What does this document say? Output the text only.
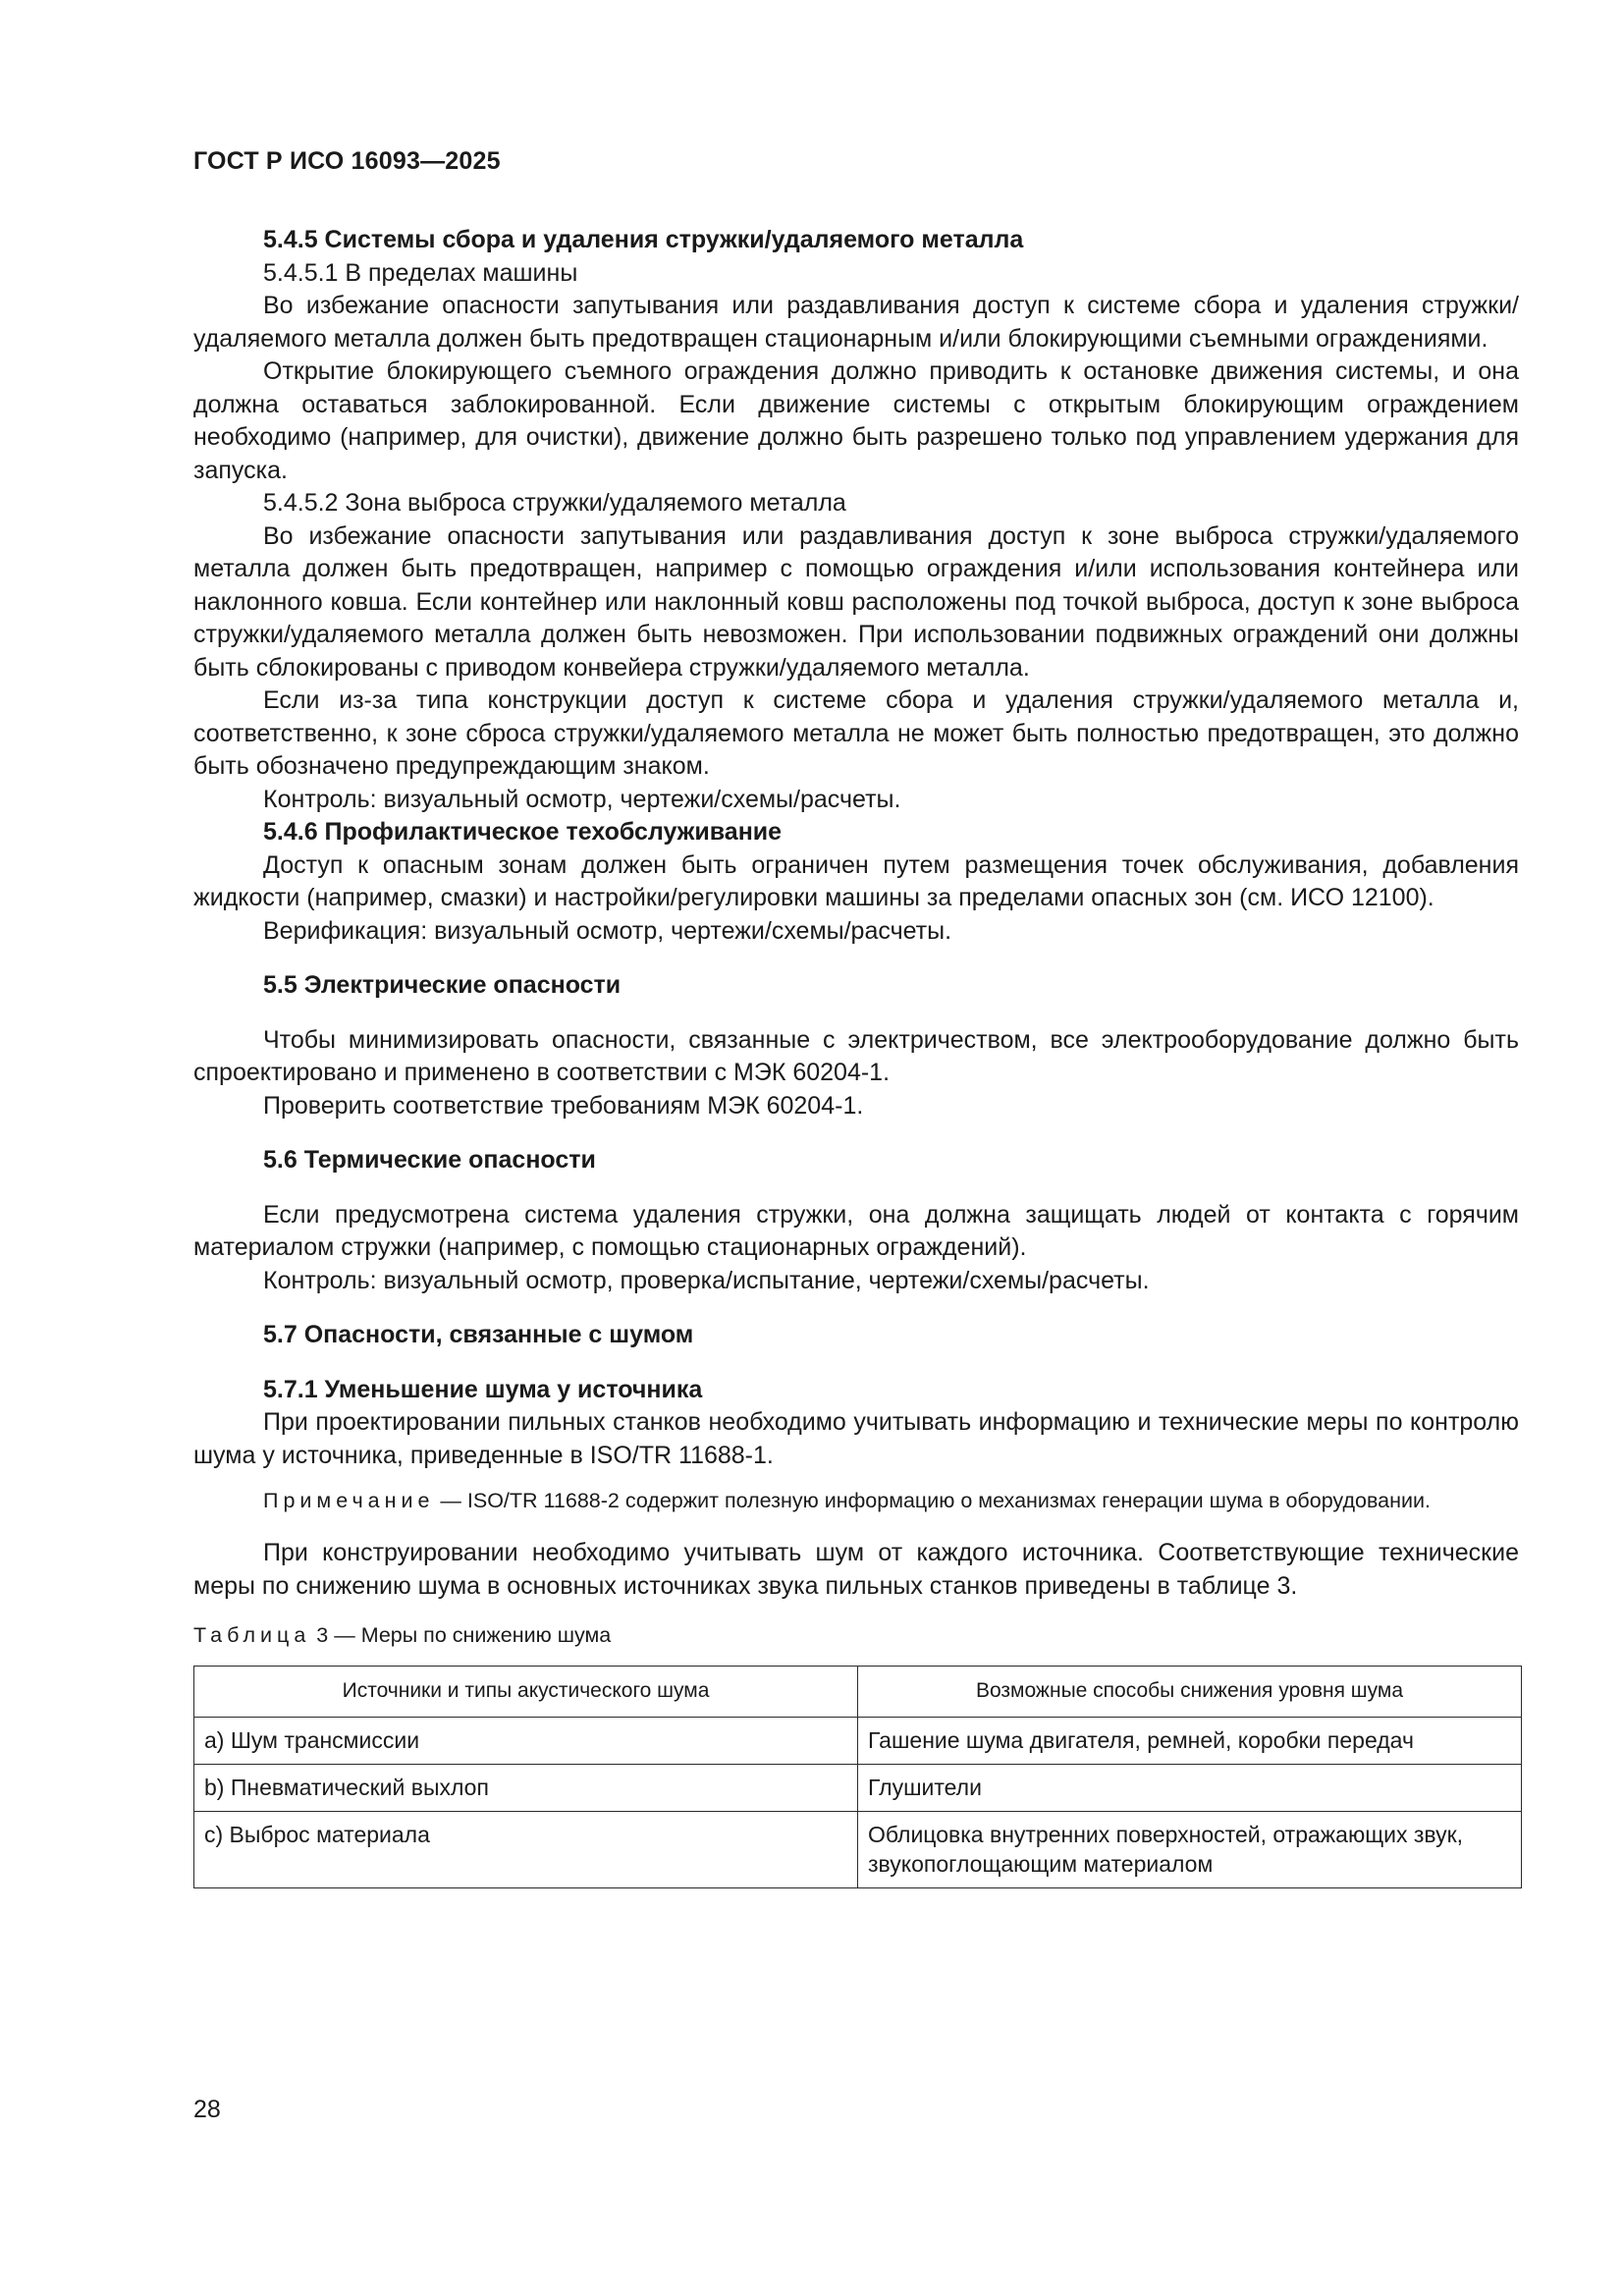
ГОСТ Р ИСО 16093—2025

5.4.5 Системы сбора и удаления стружки/удаляемого металла

5.4.5.1 В пределах машины

Во избежание опасности запутывания или раздавливания доступ к системе сбора и удаления стружки/удаляемого металла должен быть предотвращен стационарным и/или блокирующими съемными ограждениями.

Открытие блокирующего съемного ограждения должно приводить к остановке движения системы, и она должна оставаться заблокированной. Если движение системы с открытым блокирующим ограждением необходимо (например, для очистки), движение должно быть разрешено только под управлением удержания для запуска.

5.4.5.2 Зона выброса стружки/удаляемого металла

Во избежание опасности запутывания или раздавливания доступ к зоне выброса стружки/удаляемого металла должен быть предотвращен, например с помощью ограждения и/или использования контейнера или наклонного ковша. Если контейнер или наклонный ковш расположены под точкой выброса, доступ к зоне выброса стружки/удаляемого металла должен быть невозможен. При использовании подвижных ограждений они должны быть сблокированы с приводом конвейера стружки/удаляемого металла.

Если из-за типа конструкции доступ к системе сбора и удаления стружки/удаляемого металла и, соответственно, к зоне сброса стружки/удаляемого металла не может быть полностью предотвращен, это должно быть обозначено предупреждающим знаком.

Контроль: визуальный осмотр, чертежи/схемы/расчеты.

5.4.6 Профилактическое техобслуживание

Доступ к опасным зонам должен быть ограничен путем размещения точек обслуживания, добавления жидкости (например, смазки) и настройки/регулировки машины за пределами опасных зон (см. ИСО 12100).

Верификация: визуальный осмотр, чертежи/схемы/расчеты.

5.5 Электрические опасности

Чтобы минимизировать опасности, связанные с электричеством, все электрооборудование должно быть спроектировано и применено в соответствии с МЭК 60204-1.

Проверить соответствие требованиям МЭК 60204-1.

5.6 Термические опасности

Если предусмотрена система удаления стружки, она должна защищать людей от контакта с горячим материалом стружки (например, с помощью стационарных ограждений).

Контроль: визуальный осмотр, проверка/испытание, чертежи/схемы/расчеты.

5.7 Опасности, связанные с шумом

5.7.1 Уменьшение шума у источника

При проектировании пильных станков необходимо учитывать информацию и технические меры по контролю шума у источника, приведенные в ISO/TR 11688-1.

Примечание — ISO/TR 11688-2 содержит полезную информацию о механизмах генерации шума в оборудовании.

При конструировании необходимо учитывать шум от каждого источника. Соответствующие технические меры по снижению шума в основных источниках звука пильных станков приведены в таблице 3.

Таблица 3 — Меры по снижению шума

Источники и типы акустического шума	Возможные способы снижения уровня шума
a) Шум трансмиссии	Гашение шума двигателя, ремней, коробки передач
b) Пневматический выхлоп	Глушители
c) Выброс материала	Облицовка внутренних поверхностей, отражающих звук, звукопоглощающим материалом
28
